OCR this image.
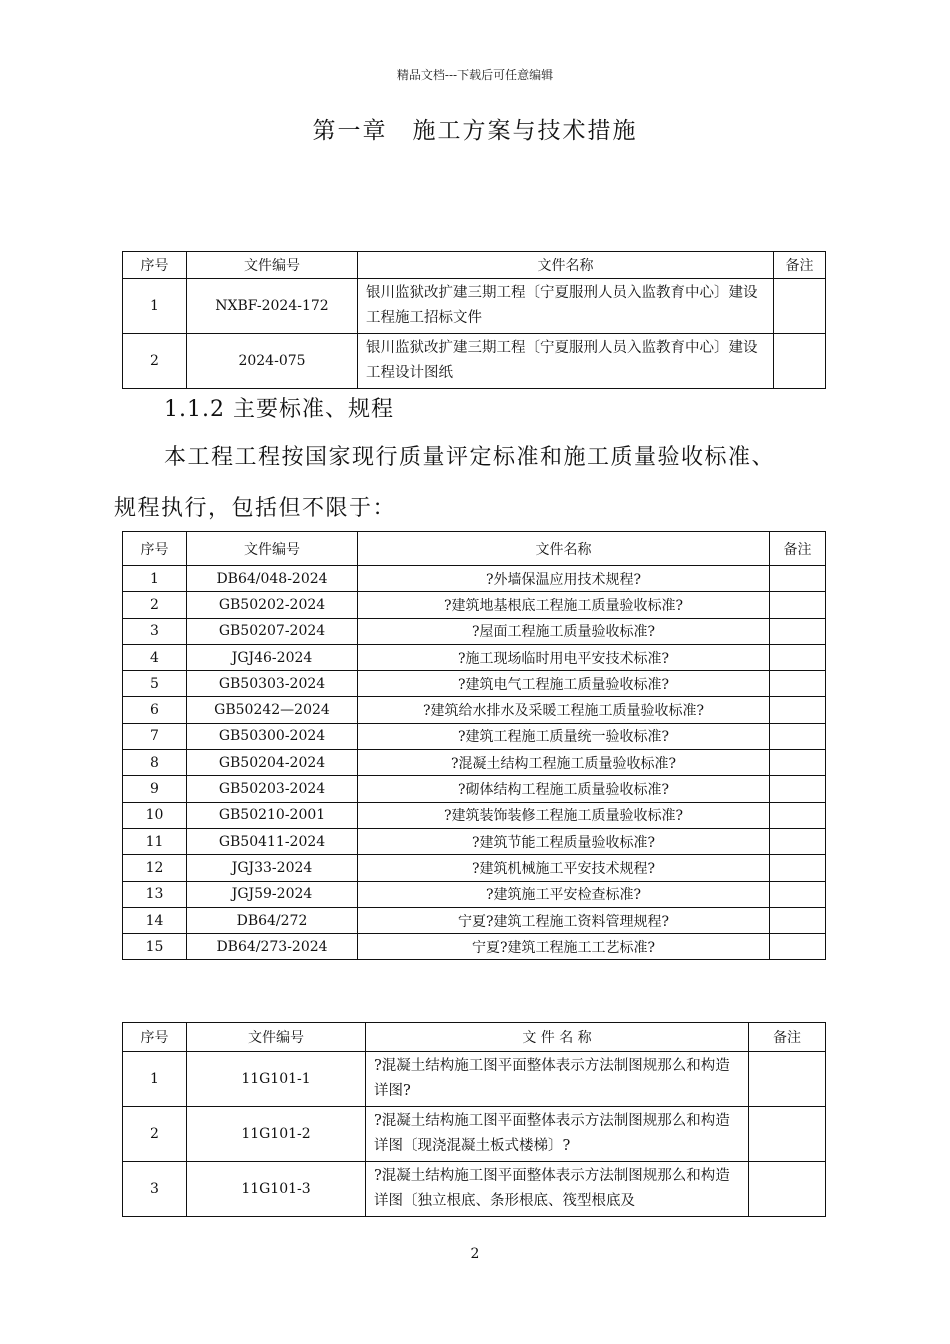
精品文档---下载后可任意编辑
第一章　施工方案与技术措施
序号	文件编号	文件名称	备注
1	NXBF-2024-172	银川监狱改扩建三期工程〔宁夏服刑人员入监教育中心〕建设工程施工招标文件	
2	2024-075	银川监狱改扩建三期工程〔宁夏服刑人员入监教育中心〕建设工程设计图纸	
1.1.2 主要标准、规程
本工程工程按国家现行质量评定标准和施工质量验收标准、
规程执行，包括但不限于：
序号	文件编号	文件名称	备注
1	DB64/048-2024	?外墙保温应用技术规程?	
2	GB50202-2024	?建筑地基根底工程施工质量验收标准?	
3	GB50207-2024	?屋面工程施工质量验收标准?	
4	JGJ46-2024	?施工现场临时用电平安技术标准?	
5	GB50303-2024	?建筑电气工程施工质量验收标准?	
6	GB50242—2024	?建筑给水排水及采暖工程施工质量验收标准?	
7	GB50300-2024	?建筑工程施工质量统一验收标准?	
8	GB50204-2024	?混凝土结构工程施工质量验收标准?	
9	GB50203-2024	?砌体结构工程施工质量验收标准?	
10	GB50210-2001	?建筑装饰装修工程施工质量验收标准?	
11	GB50411-2024	?建筑节能工程质量验收标准?	
12	JGJ33-2024	?建筑机械施工平安技术规程?	
13	JGJ59-2024	?建筑施工平安检查标准?	
14	DB64/272	宁夏?建筑工程施工资料管理规程?	
15	DB64/273-2024	宁夏?建筑工程施工工艺标准?	
序号	文件编号	文 件 名 称	备注
1	11G101-1	?混凝土结构施工图平面整体表示方法制图规那么和构造详图?	
2	11G101-2	?混凝土结构施工图平面整体表示方法制图规那么和构造详图〔现浇混凝土板式楼梯〕?	
3	11G101-3	?混凝土结构施工图平面整体表示方法制图规那么和构造详图〔独立根底、条形根底、筏型根底及	
2
